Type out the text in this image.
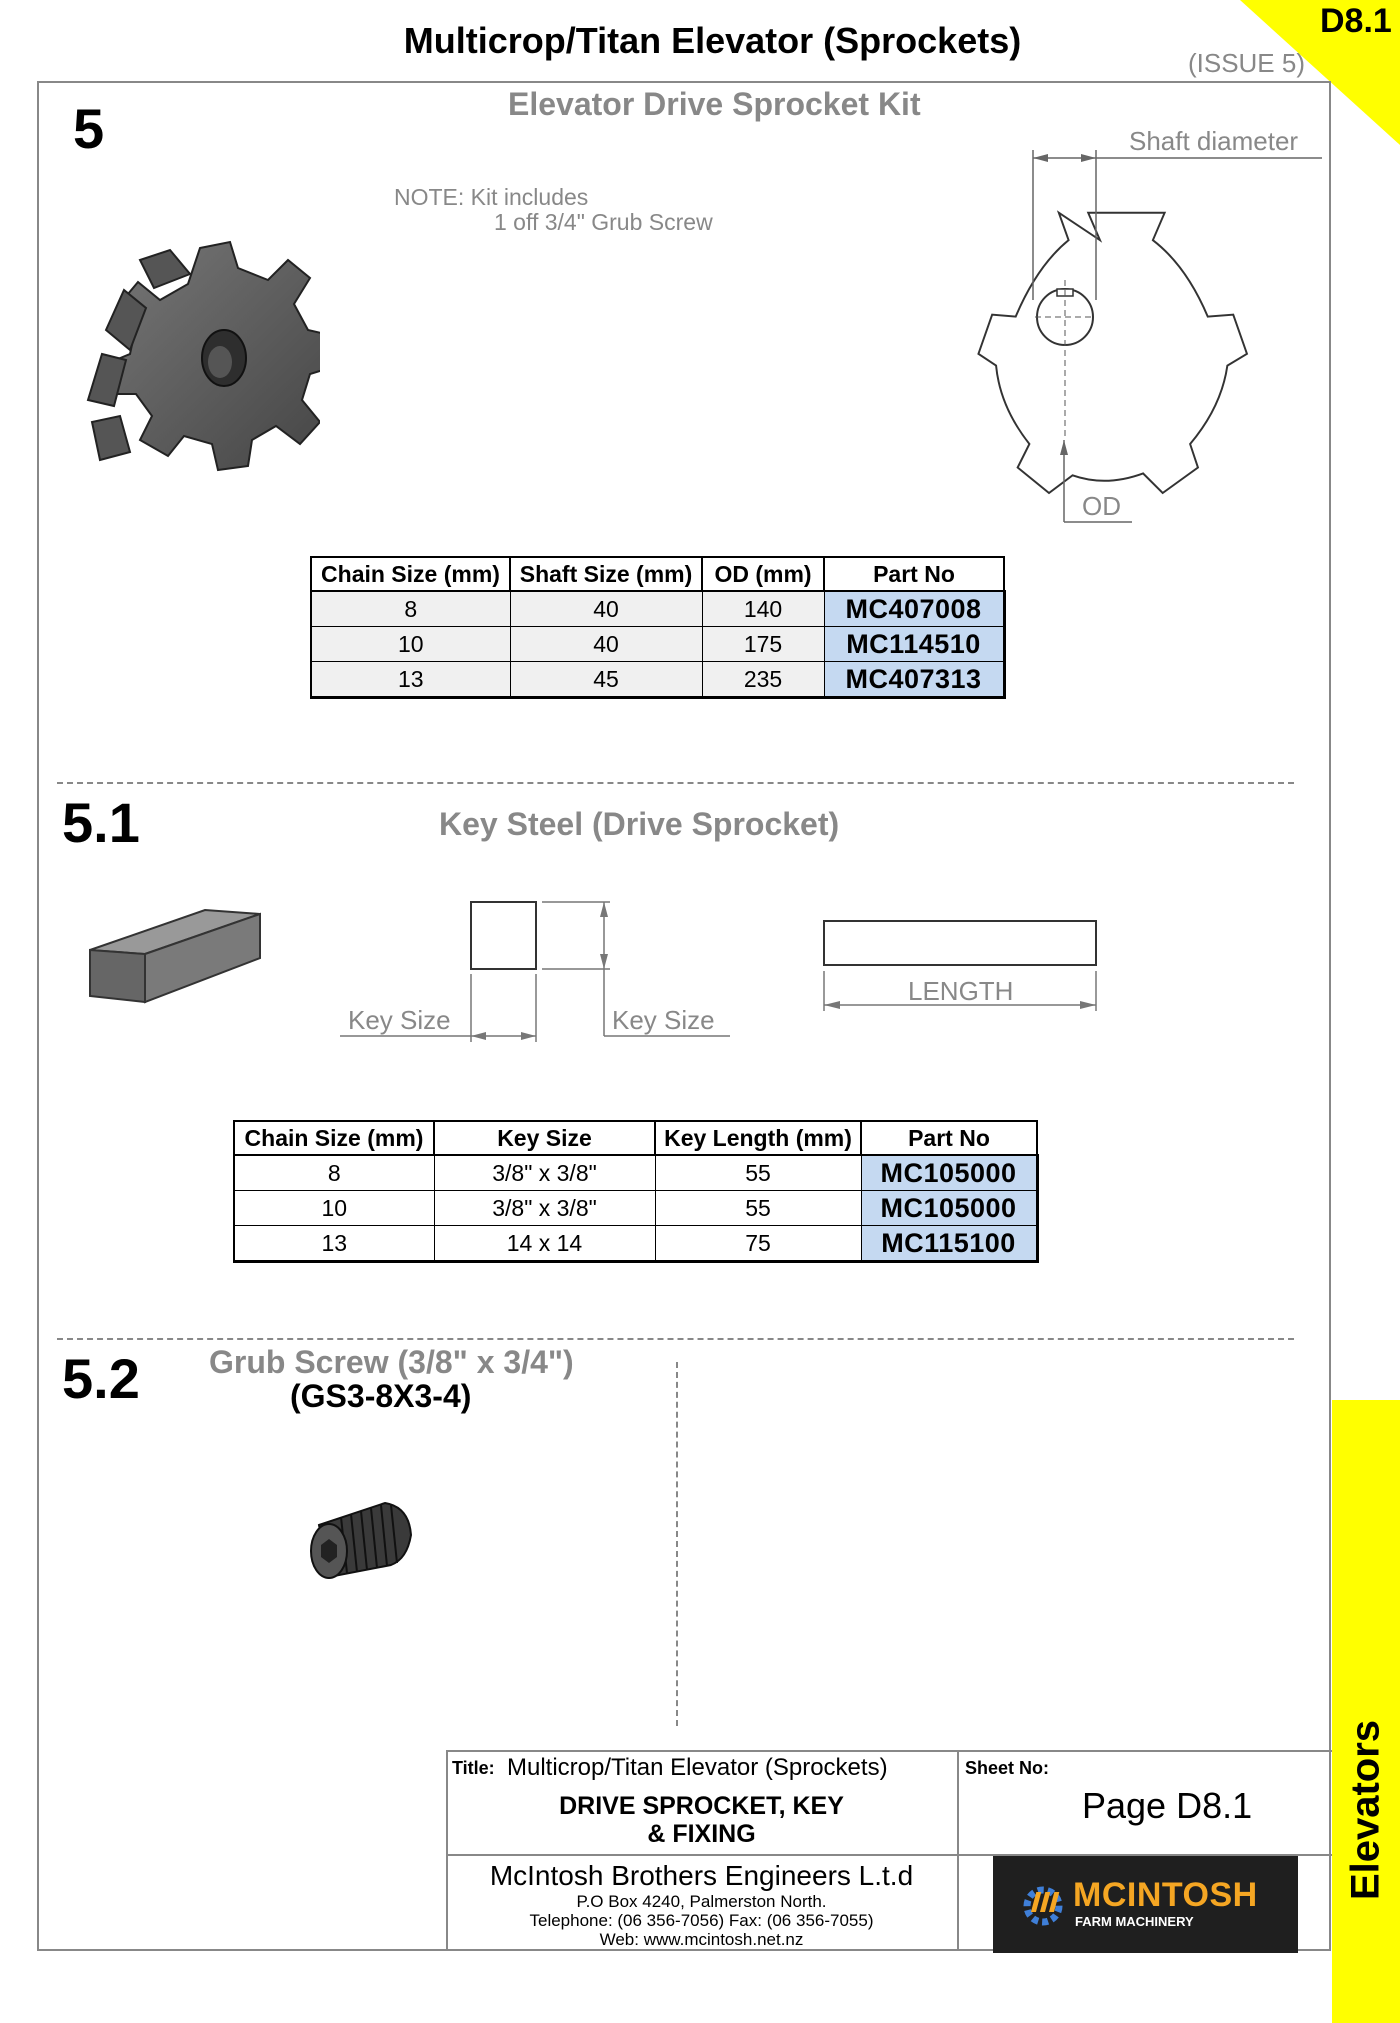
Multicrop/Titan Elevator (Sprockets)
(ISSUE 5)
D8.1
Elevators
5	Elevator Drive Sprocket Kit
NOTE: Kit includes
1 off 3/4" Grub Screw
Shaft diameter
OD
Chain Size (mm)	Shaft Size (mm)	OD (mm)	Part No
8	40	140	MC407008
10	40	175	MC114510
13	45	235	MC407313
5.1	Key Steel (Drive Sprocket)
Key Size	Key Size
LENGTH
Chain Size (mm)	Key Size	Key Length (mm)	Part No
8	3/8" x 3/8"	55	MC105000
10	3/8" x 3/8"	55	MC105000
13	14 x 14	75	MC115100
5.2 Grub Screw (3/8" x 3/4")
(GS3-8X3-4)
Title: Multicrop/Titan Elevator (Sprockets)
DRIVE SPROCKET, KEY
& FIXING
Sheet No:
Page D8.1
McIntosh Brothers Engineers L.t.d
P.O Box 4240, Palmerston North.
Telephone: (06 356-7056) Fax: (06 356-7055)
Web: www.mcintosh.net.nz
MCINTOSH
FARM MACHINERY
